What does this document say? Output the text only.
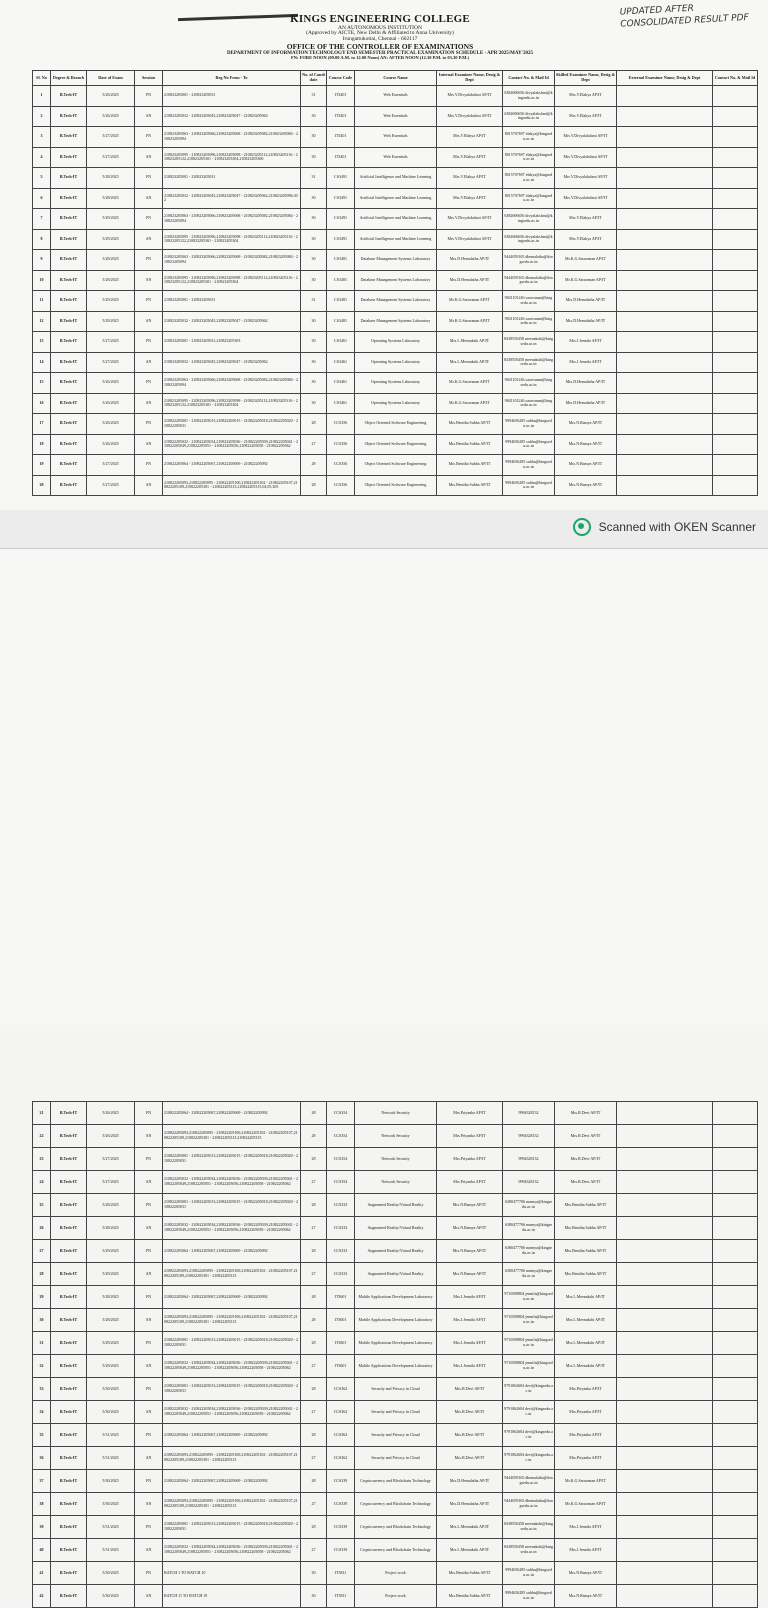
UPDATED AFTER CONSOLIDATED RESULT PDF
KINGS ENGINEERING COLLEGE
AN AUTONOMOUS INSTITUTION
(Approved by AICTE, New Delhi & Affiliated to Anna University)
Irungattukottai, Chennai - 602117
OFFICE OF THE CONTROLLER OF EXAMINATIONS
DEPARTMENT OF INFORMATION TECHNOLOGY END SEMESTER PRACTICAL EXAMINATION SCHEDULE - APR'2025/MAY'2025
FN: FORE NOON (09.00 A.M. to 12.00 Noon) AN: AFTER NOON (12.30 P.M. to 03.30 P.M.)
Sl. No	Degree & Branch	Date of Exam	Session	Reg No From - To	No. of Candidate	Course Code	Course Name	Internal Examiner Name, Desig & Dept	Contact No. & Mail Id	Skilled Examiner Name, Desig & Dept	External Examiner Name, Desig & Dept	Contact No. & Mail Id
1	B.Tech-IT	5/26/2025	FN	210823205001 - 210823205031	31	IT3401	Web Essentials	Mrs.V.Divyalakshmi AP/IT	6382606656 divyalakshmi@kingsedu.ac.in	Mrs.V.Elakya AP/IT		
2	B.Tech-IT	5/26/2025	AN	210823205032 - 210823205045,210823205047 - 210823205062	30	IT3401	Web Essentials	Mrs.V.Divyalakshmi AP/IT	6382606656 divyalakshmi@kingsedu.ac.in	Mrs.V.Elakya AP/IT		
3	B.Tech-IT	5/27/2025	FN	210823205063 - 210823205066,210823205068 - 210823205082,210823205084 - 210823205094	30	IT3401	Web Essentials	Mrs.V.Elakya AP/IT	8015707697 elakya@kingsedu.ac.in	Mrs.V.Divyalakshmi AP/IT		
4	B.Tech-IT	5/27/2025	AN	210823205095 - 210823205096,210823205098 - 210823205114,210823205116 - 210823205122,210823205301 - 210823205304,210823205306	30	IT3401	Web Essentials	Mrs.V.Elakya AP/IT	8015707697 elakya@kingsedu.ac.in	Mrs.V.Divyalakshmi AP/IT		
5	B.Tech-IT	5/28/2025	FN	210823205001 - 210823205031	31	CS3491	Artificial Intelligence and Machine Learning	Mrs.V.Elakya AP/IT	8015707697 elakya@kingsedu.ac.in	Mrs.V.Divyalakshmi AP/IT		
6	B.Tech-IT	5/28/2025	AN	210823205032 - 210823205045,210823205047 - 210823205062,210823205096,302	30	CS3491	Artificial Intelligence and Machine Learning	Mrs.V.Elakya AP/IT	8015707697 elakya@kingsedu.ac.in	Mrs.V.Divyalakshmi AP/IT		
7	B.Tech-IT	5/29/2025	FN	210823205063 - 210823205066,210823205068 - 210823205082,210823205084 - 210823205094	30	CS3491	Artificial Intelligence and Machine Learning	Mrs.V.Divyalakshmi AP/IT	6382606656 divyalakshmi@kingsedu.ac.in	Mrs.V.Elakya AP/IT		
8	B.Tech-IT	5/29/2025	AN	210823205095 - 210823205096,210823205098 - 210823205114,210823205116 - 210823205122,210823205301 - 210823205304	30	CS3491	Artificial Intelligence and Machine Learning	Mrs.V.Divyalakshmi AP/IT	6382606656 divyalakshmi@kingsedu.ac.in	Mrs.V.Elakya AP/IT		
9	B.Tech-IT	5/28/2025	FN	210823205063 - 210823205066,210823205068 - 210823205082,210823205084 - 210823205094	30	CS3481	Database Management Systems Laboratory	Mrs.D.Hemalatha AP/IT	9444059165 dhemalatha@kingsedu.ac.in	Mr.K.G.Saravanan AP/IT		
10	B.Tech-IT	5/28/2025	AN	210823205095 - 210823205096,210823205098 - 210823205114,210823205116 - 210823205122,210823205301 - 210823205304	30	CS3481	Database Management Systems Laboratory	Mrs.D.Hemalatha AP/IT	9444059165 dhemalatha@kingsedu.ac.in	Mr.K.G.Saravanan AP/IT		
11	B.Tech-IT	5/29/2025	FN	210823205001 - 210823205031	31	CS3481	Database Management Systems Laboratory	Mr.K.G.Saravanan AP/IT	9841101246 saravanan@kingsedu.ac.in	Mrs.D.Hemalatha AP/IT		
12	B.Tech-IT	5/29/2025	AN	210823205032 - 210823205045,210823205047 - 210823205062	30	CS3481	Database Management Systems Laboratory	Mr.K.G.Saravanan AP/IT	9841101246 saravanan@kingsedu.ac.in	Mrs.D.Hemalatha AP/IT		
13	B.Tech-IT	5/27/2025	FN	210823205001 - 210823205031,210823205303	30	CS3461	Operating Systems Laboratory	Mrs.L.Meenakshi AP/IT	8438550458 meenakshi@kingsedu.ac.in	Mrs.J.Jennifa AP/IT		
14	B.Tech-IT	5/27/2025	AN	210823205032 - 210823205045,210823205047 - 210823205062	30	CS3461	Operating Systems Laboratory	Mrs.L.Meenakshi AP/IT	8438550458 meenakshi@kingsedu.ac.in	Mrs.J.Jennifa AP/IT		
15	B.Tech-IT	5/26/2025	FN	210823205063 - 210823205066,210823205068 - 210823205082,210823205084 - 210823205094	30	CS3461	Operating Systems Laboratory	Mr.K.G.Saravanan AP/IT	9841101246 saravanan@kingsedu.ac.in	Mrs.D.Hemalatha AP/IT		
16	B.Tech-IT	5/26/2025	AN	210823205095 - 210823205096,210823205098 - 210823205114,210823205116 - 210823205122,210823205301 - 210823205304	30	CS3461	Operating Systems Laboratory	Mr.K.G.Saravanan AP/IT	9841101246 saravanan@kingsedu.ac.in	Mrs.D.Hemalatha AP/IT		
17	B.Tech-IT	5/26/2025	FN	210822205001 - 210822205015,210822205015 - 210822205018,210822205020 - 210822205031	28	CCS356	Object Oriented Software Engineering	Mrs.Benitha Subha AP/IT	9994656285 subha@kingsedu.ac.in	Mrs.N.Ramya AP/IT		
18	B.Tech-IT	5/26/2025	AN	210822205032 - 210822205034,210822205036 - 210822205039,210822205041 - 210822205049,210822205051 - 210822205056,210822205058 - 210822205062	27	CCS356	Object Oriented Software Engineering	Mrs.Benitha Subha AP/IT	9994656285 subha@kingsedu.ac.in	Mrs.N.Ramya AP/IT		
19	B.Tech-IT	5/27/2025	FN	210822205064 - 210822205067,210822205069 - 210822205092	28	CCS356	Object Oriented Software Engineering	Mrs.Benitha Subha AP/IT	9994656285 subha@kingsedu.ac.in	Mrs.N.Ramya AP/IT		
20	B.Tech-IT	5/27/2025	AN	210822205093,210822205095 - 210822205100,210822205102 - 210822205107,210822205109,210822205301 - 210822205313,210822205315,04,05,305	28	CCS356	Object Oriented Software Engineering	Mrs.Benitha Subha AP/IT	9994656285 subha@kingsedu.ac.in	Mrs.N.Ramya AP/IT		
Scanned with OKEN Scanner
21	B.Tech-IT	5/26/2025	FN	210822205064 - 210822205067,210822205069 - 210822205092	28	CCS354	Network Security	Mrs.Priyanka AP/IT	9994328132	Mrs.R.Devi AP/IT		
22	B.Tech-IT	5/26/2025	AN	210822205093,210822205095 - 210822205100,210822205102 - 210822205107,210822205109,210822205301 - 210822205313,210822205315	28	CCS354	Network Security	Mrs.Priyanka AP/IT	9994328132	Mrs.R.Devi AP/IT		
23	B.Tech-IT	5/27/2025	FN	210822205001 - 210822205013,210822205015 - 210822205018,210822205020 - 210822205031	28	CCS354	Network Security	Mrs.Priyanka AP/IT	9994328132	Mrs.R.Devi AP/IT		
24	B.Tech-IT	5/27/2025	AN	210822205032 - 210822205034,210822205036 - 210822205039,210822205041 - 210822205049,210822205051 - 210822205056,210822205058 - 210822205062	27	CCS354	Network Security	Mrs.Priyanka AP/IT	9994328132	Mrs.R.Devi AP/IT		
25	B.Tech-IT	5/28/2025	FN	210822205001 - 210822205013,210822205015 - 210822205018,210822205020 - 210822205031	28	CCS333	Augmented Reality/Virtual Reality	Mrs.N.Ramya AP/IT	6380477706 nramya@kingsedu.ac.in	Mrs.Benitha Subha AP/IT		
26	B.Tech-IT	5/28/2025	AN	210822205032 - 210822205034,210822205036 - 210822205039,210822205041 - 210822205049,210822205051 - 210822205056,210822205058 - 210822205062	27	CCS333	Augmented Reality/Virtual Reality	Mrs.N.Ramya AP/IT	6380477706 nramya@kingsedu.ac.in	Mrs.Benitha Subha AP/IT		
27	B.Tech-IT	5/29/2025	FN	210822205064 - 210822205067,210822205069 - 210822205092	28	CCS333	Augmented Reality/Virtual Reality	Mrs.N.Ramya AP/IT	6380477706 nramya@kingsedu.ac.in	Mrs.Benitha Subha AP/IT		
28	B.Tech-IT	5/29/2025	AN	210822205093,210822205095 - 210822205100,210822205102 - 210822205107,210822205109,210822205301 - 210822205313	27	CCS333	Augmented Reality/Virtual Reality	Mrs.N.Ramya AP/IT	6380477706 nramya@kingsedu.ac.in	Mrs.Benitha Subha AP/IT		
29	B.Tech-IT	5/28/2025	FN	210822205064 - 210822205067,210822205069 - 210822205092	28	IT3601	Mobile Applications Development Laboratory	Mrs.J.Jennifa AP/IT	9710508804 jennifa@kingsedu.ac.in	Mrs.L.Meenakshi AP/IT		
30	B.Tech-IT	5/28/2025	AN	210822205093,210822205095 - 210822205100,210822205102 - 210822205107,210822205109,210822205301 - 210822205313	28	IT3601	Mobile Applications Development Laboratory	Mrs.J.Jennifa AP/IT	9710508804 jennifa@kingsedu.ac.in	Mrs.L.Meenakshi AP/IT		
31	B.Tech-IT	5/29/2025	FN	210822205001 - 210822205013,210822205015 - 210822205018,210822205020 - 210822205031	28	IT3601	Mobile Applications Development Laboratory	Mrs.J.Jennifa AP/IT	9710508804 jennifa@kingsedu.ac.in	Mrs.L.Meenakshi AP/IT		
32	B.Tech-IT	5/29/2025	AN	210822205032 - 210822205034,210822205036 - 210822205039,210822205041 - 210822205049,210822205051 - 210822205056,210822205058 - 210822205062	27	IT3601	Mobile Applications Development Laboratory	Mrs.J.Jennifa AP/IT	9710508804 jennifa@kingsedu.ac.in	Mrs.L.Meenakshi AP/IT		
33	B.Tech-IT	5/30/2025	FN	210822205001 - 210822205013,210822205015 - 210822205018,210822205020 - 210822205031	28	CCS362	Security and Privacy in Cloud	Mrs.R.Devi AP/IT	9791062604 devi@kingsedu.ac.in	Mrs.Priyanka AP/IT		
34	B.Tech-IT	5/30/2025	AN	210822205032 - 210822205034,210822205036 - 210822205039,210822205041 - 210822205049,210822205051 - 210822205056,210822205058 - 210822205062	27	CCS362	Security and Privacy in Cloud	Mrs.R.Devi AP/IT	9791062604 devi@kingsedu.ac.in	Mrs.Priyanka AP/IT		
35	B.Tech-IT	5/31/2025	FN	210822205064 - 210822205067,210822205069 - 210822205092	28	CCS362	Security and Privacy in Cloud	Mrs.R.Devi AP/IT	9791062604 devi@kingsedu.ac.in	Mrs.Priyanka AP/IT		
36	B.Tech-IT	5/31/2025	AN	210822205093,210822205095 - 210822205100,210822205102 - 210822205107,210822205109,210822205301 - 210822205313	27	CCS362	Security and Privacy in Cloud	Mrs.R.Devi AP/IT	9791062604 devi@kingsedu.ac.in	Mrs.Priyanka AP/IT		
37	B.Tech-IT	5/30/2025	FN	210822205064 - 210822205067,210822205069 - 210822205092	28	CCS339	Cryptocurrency and Blockchain Technology	Mrs.D.Hemalatha AP/IT	9444059165 dhemalatha@kingsedu.ac.in	Mr.K.G.Saravanan AP/IT		
38	B.Tech-IT	5/30/2025	AN	210822205093,210822205095 - 210822205100,210822205102 - 210822205107,210822205109,210822205301 - 210822205313	27	CCS339	Cryptocurrency and Blockchain Technology	Mrs.D.Hemalatha AP/IT	9444059165 dhemalatha@kingsedu.ac.in	Mr.K.G.Saravanan AP/IT		
39	B.Tech-IT	5/31/2025	FN	210822205001 - 210822205013,210822205015 - 210822205018,210822205020 - 210822205031	28	CCS339	Cryptocurrency and Blockchain Technology	Mrs.L.Meenakshi AP/IT	8438550458 meenakshi@kingsedu.ac.in	Mrs.J.Jennifa AP/IT		
40	B.Tech-IT	5/31/2025	AN	210822205032 - 210822205034,210822205036 - 210822205039,210822205041 - 210822205049,210822205051 - 210822205056,210822205058 - 210822205062	27	CCS339	Cryptocurrency and Blockchain Technology	Mrs.L.Meenakshi AP/IT	8438550458 meenakshi@kingsedu.ac.in	Mrs.J.Jennifa AP/IT		
41	B.Tech-IT	5/30/2025	FN	BATCH 1 TO BATCH 10	30	IT3811	Project work	Mrs.Benitha Subha AP/IT	9994656285 subha@kingsedu.ac.in	Mrs.N.Ramya AP/IT		
42	B.Tech-IT	5/30/2025	AN	BATCH 11 TO BATCH 19	30	IT3811	Project work	Mrs.Benitha Subha AP/IT	9994656285 subha@kingsedu.ac.in	Mrs.N.Ramya AP/IT		
